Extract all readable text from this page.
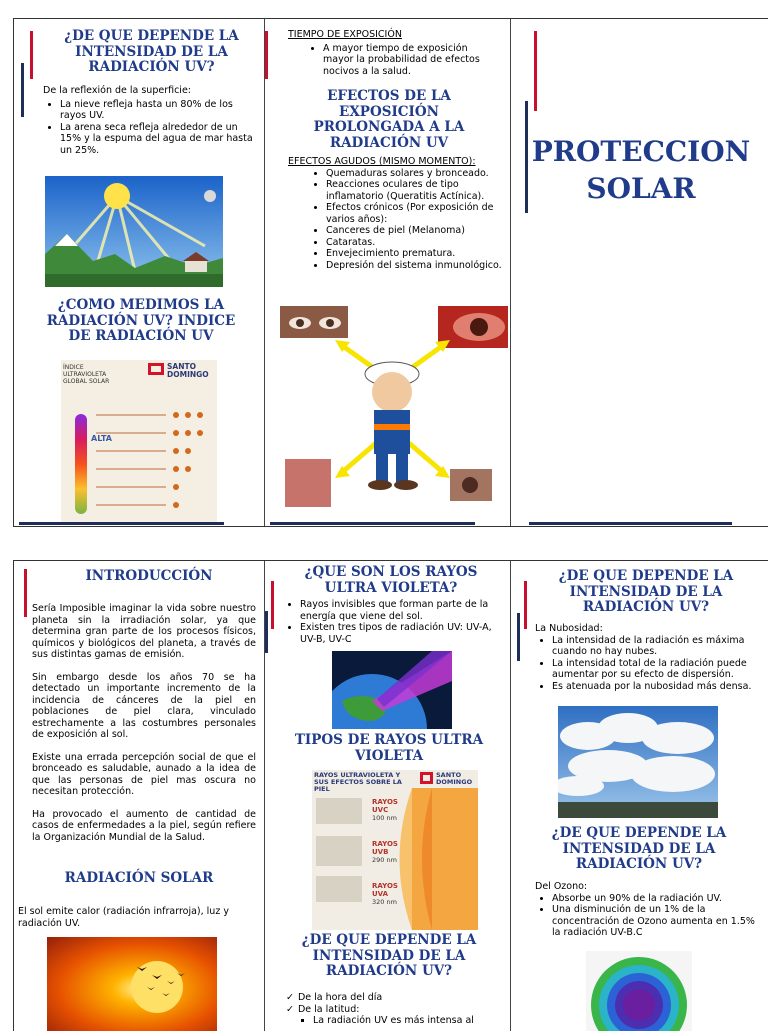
¿DE QUE DEPENDE LA INTENSIDAD DE LA RADIACIÓN UV?

De la reflexión de la superficie:

• La nieve refleja hasta un 80% de los rayos UV.
• La arena seca refleja alrededor de un 15% y la espuma del agua de mar hasta un 25%.
¿COMO MEDIMOS LA RADIACIÓN UV? INDICE DE RADIACIÓN UV
ÍNDICE ULTRAVIOLETA GLOBAL SOLAR
SANTO DOMINGO
ALTA

TIEMPO DE EXPOSICIÓN

• A mayor tiempo de exposición mayor la probabilidad de efectos nocivos a la salud.
EFECTOS DE LA EXPOSICIÓN PROLONGADA A LA RADIACIÓN UV

EFECTOS AGUDOS (MISMO MOMENTO):

• Quemaduras solares y bronceado.
• Reacciones oculares de tipo inflamatorio (Queratitis Actínica).
• Efectos crónicos (Por exposición de varios años):
• Canceres de piel (Melanoma)
• Cataratas.
• Envejecimiento prematura.
• Depresión del sistema inmunológico.

PROTECCION SOLAR

INTRODUCCIÓN

Sería Imposible imaginar la vida sobre nuestro planeta sin la irradiación solar, ya que determina gran parte de los procesos físicos, químicos y biológicos del planeta, a través de sus distintas gamas de emisión.

Sin embargo desde los años 70 se ha detectado un importante incremento de la incidencia de cánceres de la piel en poblaciones de piel clara, vinculado estrechamente a las costumbres personales de exposición al sol.

Existe una errada percepción social de que el bronceado es saludable, aunado a la idea de que las personas de piel mas oscura no necesitan protección.

Ha provocado el aumento de cantidad de casos de enfermedades a la piel, según refiere la Organización Mundial de la Salud.

RADIACIÓN SOLAR

El sol emite calor (radiación infrarroja), luz y radiación UV.

¿QUE SON LOS RAYOS ULTRA VIOLETA?
• Rayos invisibles que forman parte de la energía que viene del sol.
• Existen tres tipos de radiación UV: UV-A, UV-B, UV-C
TIPOS DE RAYOS ULTRA VIOLETA
RAYOS ULTRAVIOLETA Y SUS EFECTOS SOBRE LA PIEL
SANTO DOMINGO
RAYOS UVC
100 nm
RAYOS UVB
290 nm
RAYOS UVA
320 nm
¿DE QUE DEPENDE LA INTENSIDAD DE LA RADIACIÓN UV?
✓ De la hora del día
✓ De la latitud:
▪ La radiación UV es más intensa al
¿DE QUE DEPENDE LA INTENSIDAD DE LA RADIACIÓN UV?

La Nubosidad:

• La intensidad de la radiación es máxima cuando no hay nubes.
• La intensidad total de la radiación puede aumentar por su efecto de dispersión.
• Es atenuada por la nubosidad más densa.
¿DE QUE DEPENDE LA INTENSIDAD DE LA RADIACIÓN UV?

Del Ozono:

• Absorbe un 90% de la radiación UV.
• Una disminución de un 1% de la concentración de Ozono aumenta en 1.5% la radiación UV-B.C
